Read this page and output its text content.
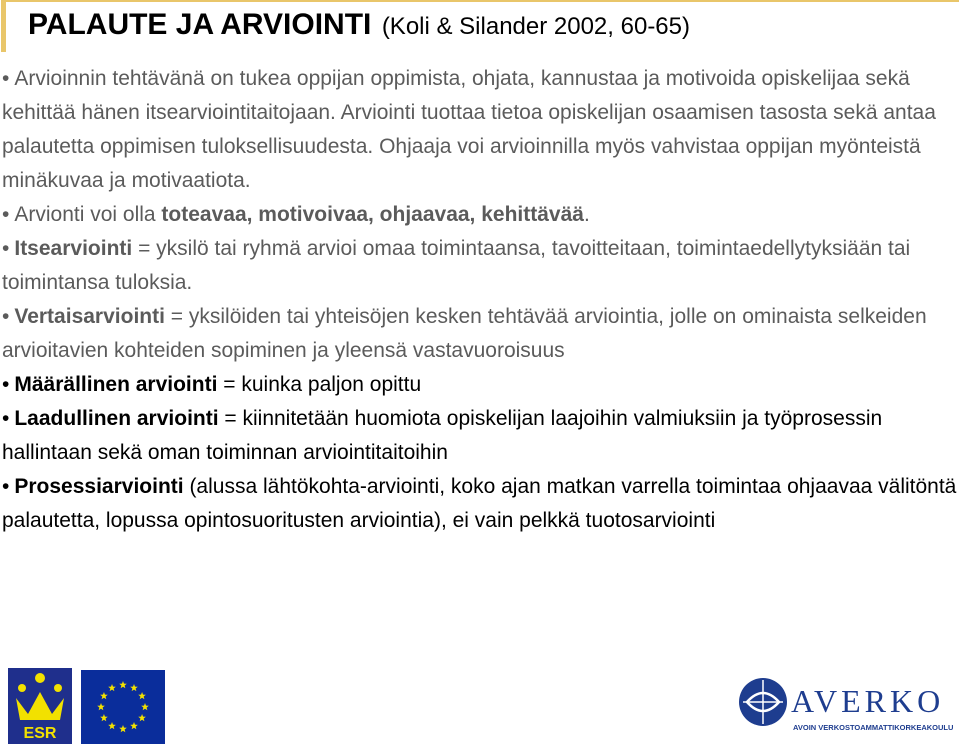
PALAUTE JA ARVIOINTI (Koli & Silander 2002, 60-65)
• Arvioinnin tehtävänä on tukea oppijan oppimista, ohjata, kannustaa ja motivoida opiskelijaa sekä kehittää hänen itsearviointitaitojaan. Arviointi tuottaa tietoa opiskelijan osaamisen tasosta sekä antaa palautetta oppimisen tuloksellisuudesta. Ohjaaja voi arvioinnilla myös vahvistaa oppijan myönteistä minäkuvaa ja motivaatiota.
• Arvionti voi olla toteavaa, motivoivaa, ohjaavaa, kehittävää.
• Itsearviointi = yksilö tai ryhmä arvioi omaa toimintaansa, tavoitteitaan, toimintaedellytyksiään tai toimintansa tuloksia.
• Vertaisarviointi = yksilöiden tai yhteisöjen kesken tehtävää arviointia, jolle on ominaista selkeiden arvioitavien kohteiden sopiminen ja yleensä vastavuoroisuus
• Määrällinen arviointi = kuinka paljon opittu
• Laadullinen arviointi = kiinnitetään huomiota opiskelijan laajoihin valmiuksiin ja työprosessin hallintaan sekä oman toiminnan arviointitaitoihin
• Prosessiarviointi (alussa lähtökohta-arviointi, koko ajan matkan varrella toimintaa ohjaavaa välitöntä palautetta, lopussa opintosuoritusten arviointia), ei vain pelkkä tuotosarviointi
ESR
AVERKO
AVOIN VERKOSTOAMMATTIKORKEAKOULU
